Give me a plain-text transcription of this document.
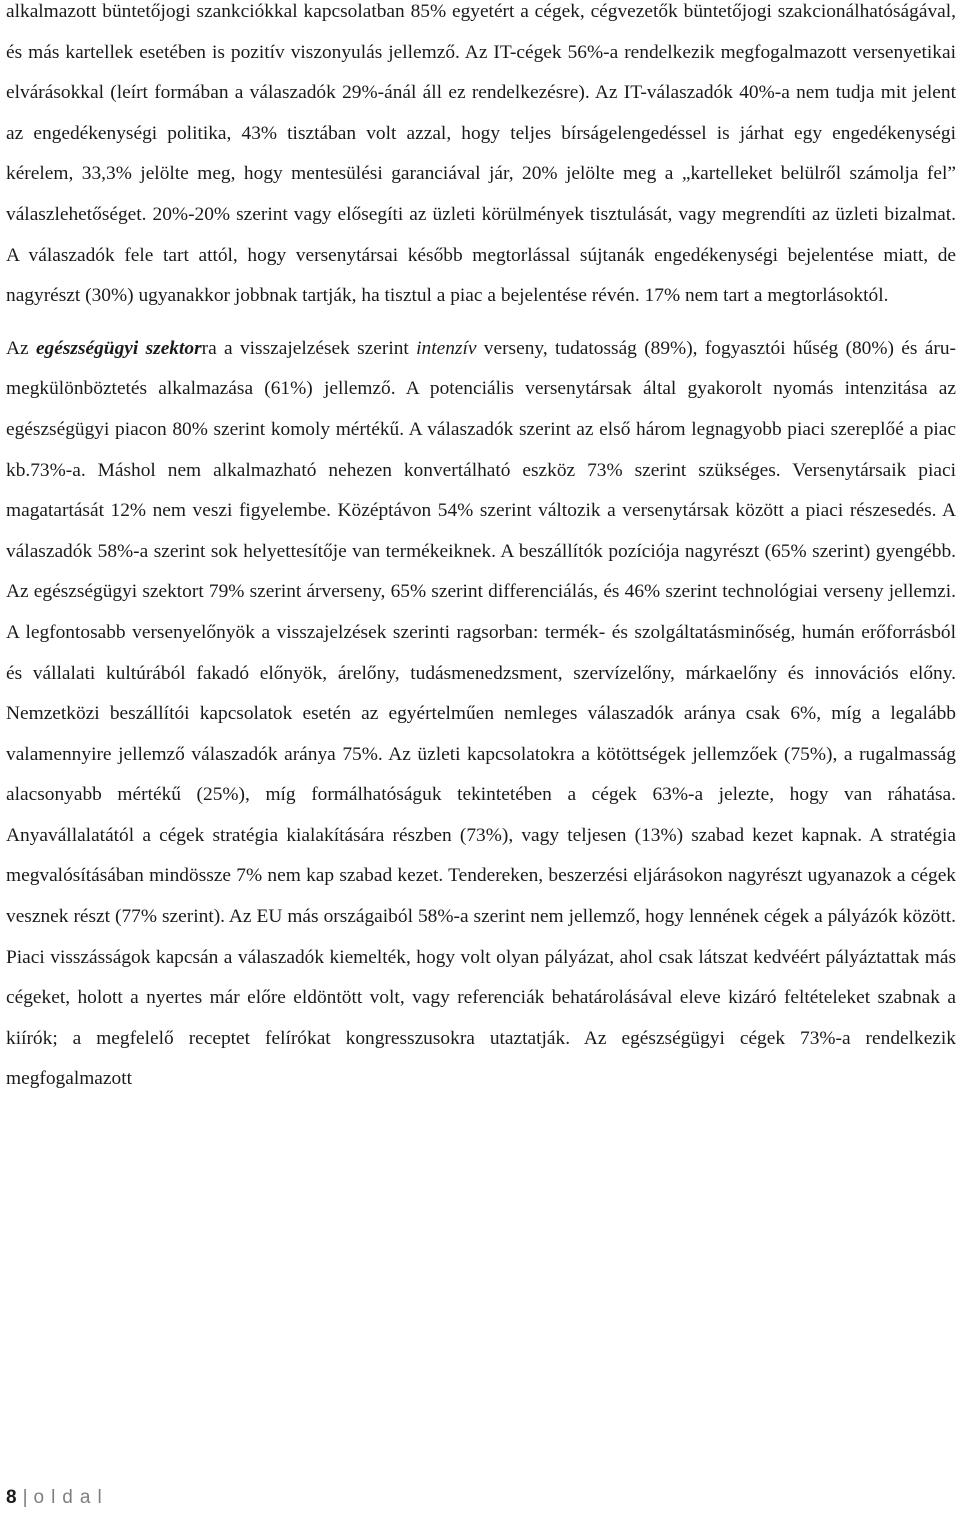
alkalmazott büntetőjogi szankciókkal kapcsolatban 85% egyetért a cégek, cégvezetők büntetőjogi szakcionálhatóságával, és más kartellek esetében is pozitív viszonyulás jellemző. Az IT-cégek 56%-a rendelkezik megfogalmazott versenyetikai elvárásokkal (leírt formában a válaszadók 29%-ánál áll ez rendelkezésre). Az IT-válaszadók 40%-a nem tudja mit jelent az engedékenységi politika, 43% tisztában volt azzal, hogy teljes bírságelengedéssel is járhat egy engedékenységi kérelem, 33,3% jelölte meg, hogy mentesülési garanciával jár, 20% jelölte meg a „kartelleket belülről számolja fel” válaszlehetőséget. 20%-20% szerint vagy elősegíti az üzleti körülmények tisztulását, vagy megrendíti az üzleti bizalmat. A válaszadók fele tart attól, hogy versenytársai később megtorlással sújtanák engedékenységi bejelentése miatt, de nagyrészt (30%) ugyanakkor jobbnak tartják, ha tisztul a piac a bejelentése révén. 17% nem tart a megtorlásoktól.

Az egészségügyi szektorra a visszajelzések szerint intenzív verseny, tudatosság (89%), fogyasztói hűség (80%) és áru-megkülönböztetés alkalmazása (61%) jellemző. A potenciális versenytársak által gyakorolt nyomás intenzitása az egészségügyi piacon 80% szerint komoly mértékű. A válaszadók szerint az első három legnagyobb piaci szereplőé a piac kb.73%-a. Máshol nem alkalmazható nehezen konvertálható eszköz 73% szerint szükséges. Versenytársaik piaci magatartását 12% nem veszi figyelembe. Középtávon 54% szerint változik a versenytársak között a piaci részesedés. A válaszadók 58%-a szerint sok helyettesítője van termékeiknek. A beszállítók pozíciója nagyrészt (65% szerint) gyengébb. Az egészségügyi szektort 79% szerint árverseny, 65% szerint differenciálás, és 46% szerint technológiai verseny jellemzi. A legfontosabb versenyelőnyök a visszajelzések szerinti ragsorban: termék- és szolgáltatásminőség, humán erőforrásból és vállalati kultúrából fakadó előnyök, árelőny, tudásmenedzsment, szervízelőny, márkaelőny és innovációs előny. Nemzetközi beszállítói kapcsolatok esetén az egyértelműen nemleges válaszadók aránya csak 6%, míg a legalább valamennyire jellemző válaszadók aránya 75%. Az üzleti kapcsolatokra a kötöttségek jellemzőek (75%), a rugalmasság alacsonyabb mértékű (25%), míg formálhatóságuk tekintetében a cégek 63%-a jelezte, hogy van ráhatása. Anyavállalatától a cégek stratégia kialakítására részben (73%), vagy teljesen (13%) szabad kezet kapnak. A stratégia megvalósításában mindössze 7% nem kap szabad kezet. Tendereken, beszerzési eljárásokon nagyrészt ugyanazok a cégek vesznek részt (77% szerint). Az EU más országaiból 58%-a szerint nem jellemző, hogy lennének cégek a pályázók között. Piaci visszásságok kapcsán a válaszadók kiemelték, hogy volt olyan pályázat, ahol csak látszat kedvéért pályáztattak más cégeket, holott a nyertes már előre eldöntött volt, vagy referenciák behatárolásával eleve kizáró feltételeket szabnak a kiírók; a megfelelő receptet felírókat kongresszusokra utaztatják. Az egészségügyi cégek 73%-a rendelkezik megfogalmazott

8 | oldal
